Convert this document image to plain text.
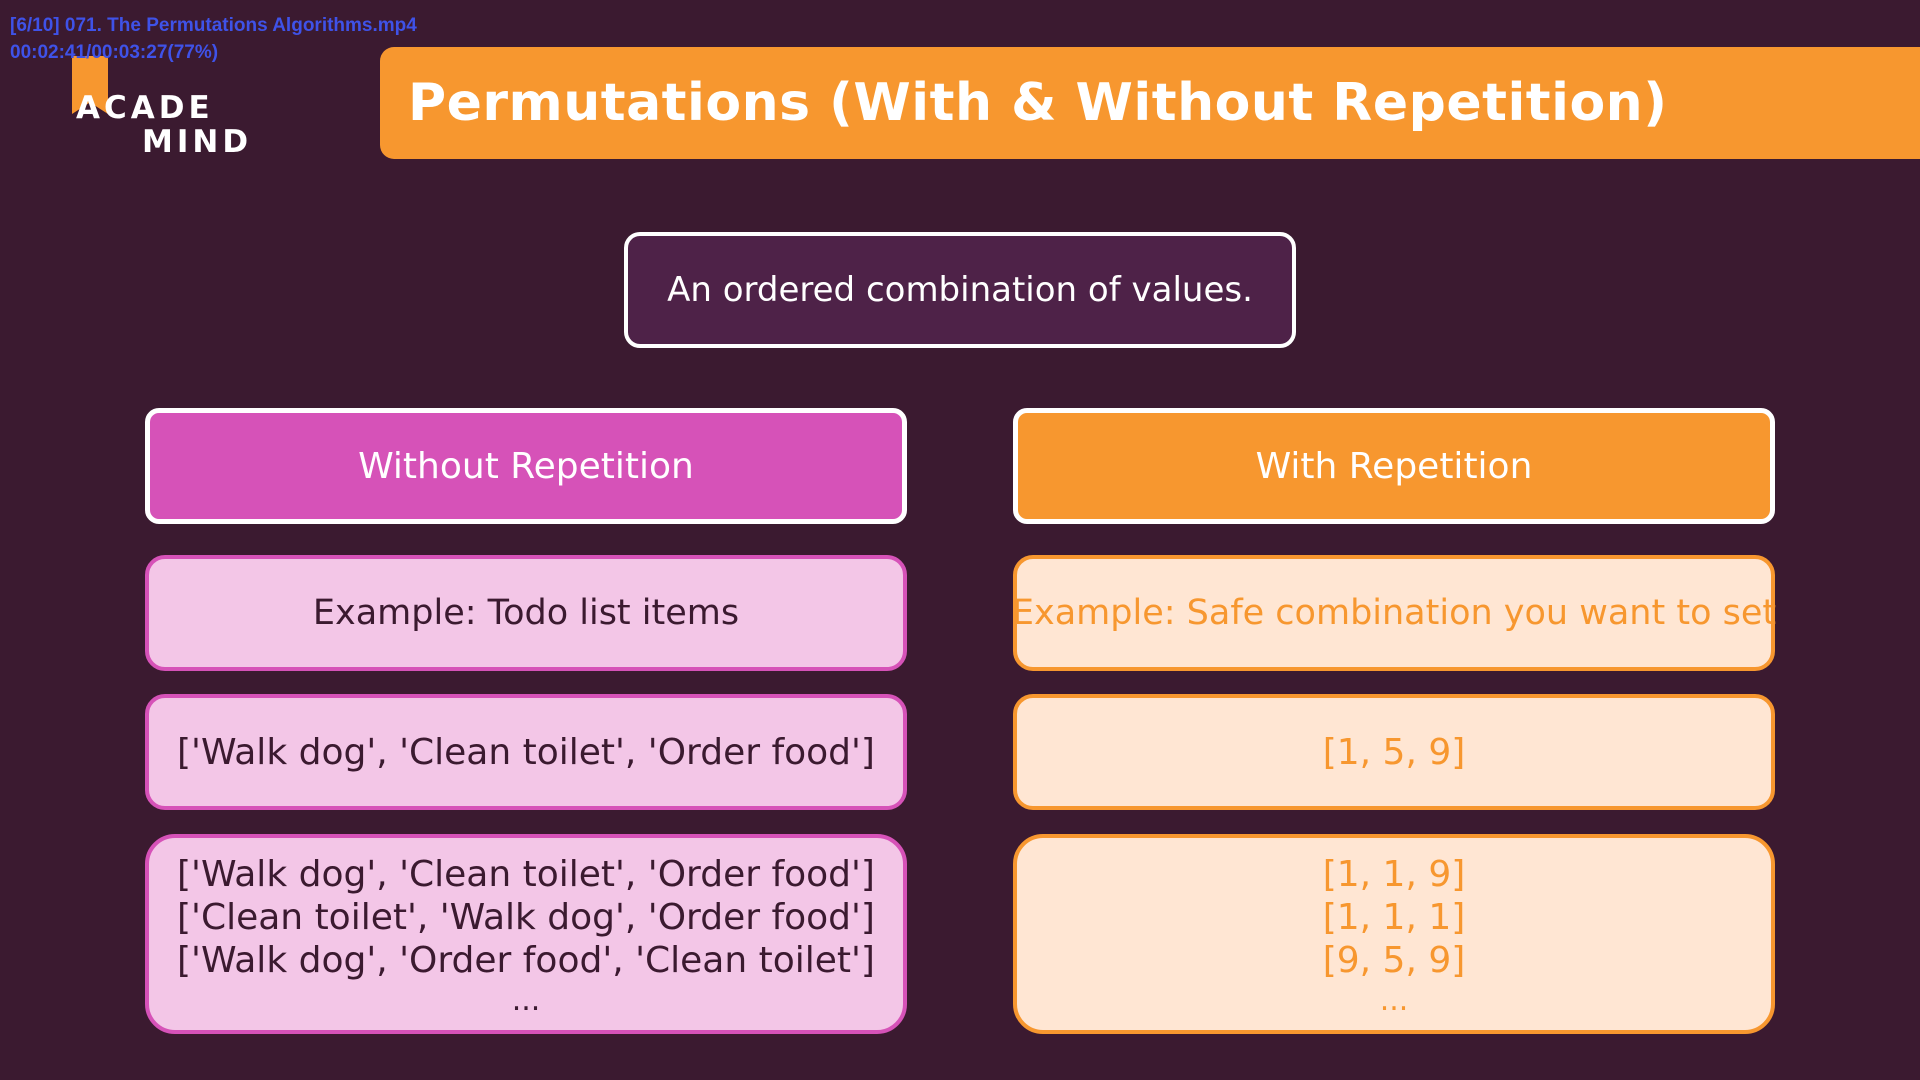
[6/10] 071. The Permutations Algorithms.mp4
00:02:41/00:03:27(77%)
ACADE
MIND
Permutations (With & Without Repetition)
An ordered combination of values.
Without Repetition
Example: Todo list items
['Walk dog', 'Clean toilet', 'Order food']
['Walk dog', 'Clean toilet', 'Order food']
['Clean toilet', 'Walk dog', 'Order food']
['Walk dog', 'Order food', 'Clean toilet']
...
With Repetition
Example: Safe combination you want to set
[1, 5, 9]
[1, 1, 9]
[1, 1, 1]
[9, 5, 9]
...
